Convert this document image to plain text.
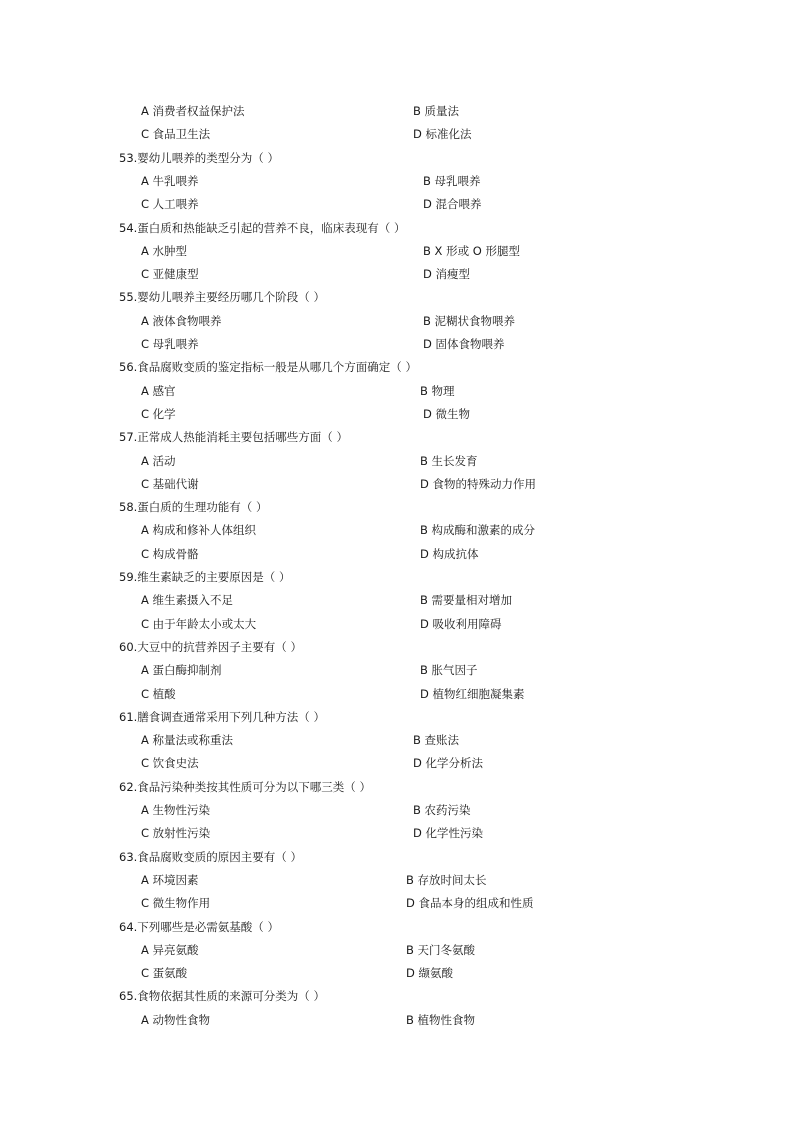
A 消费者权益保护法	B 质量法
C 食品卫生法	D 标准化法
53.婴幼儿喂养的类型分为（ ）
A 牛乳喂养	B 母乳喂养
C 人工喂养	D 混合喂养
54.蛋白质和热能缺乏引起的营养不良，临床表现有（ ）
A 水肿型	B X 形或 O 形腿型
C 亚健康型	D 消瘦型
55.婴幼儿喂养主要经历哪几个阶段（ ）
A 液体食物喂养	B 泥糊状食物喂养
C 母乳喂养	D 固体食物喂养
56.食品腐败变质的鉴定指标一般是从哪几个方面确定（ ）
A 感官	B 物理
C 化学	D 微生物
57.正常成人热能消耗主要包括哪些方面（ ）
A 活动	B 生长发育
C 基础代谢	D 食物的特殊动力作用
58.蛋白质的生理功能有（ ）
A 构成和修补人体组织	B 构成酶和激素的成分
C 构成骨骼	D 构成抗体
59.维生素缺乏的主要原因是（ ）
A 维生素摄入不足	B 需要量相对增加
C 由于年龄太小或太大	D 吸收利用障碍
60.大豆中的抗营养因子主要有（ ）
A 蛋白酶抑制剂	B 胀气因子
C 植酸	D 植物红细胞凝集素
61.膳食调查通常采用下列几种方法（ ）
A 称量法或称重法	B 查账法
C 饮食史法	D 化学分析法
62.食品污染种类按其性质可分为以下哪三类（ ）
A 生物性污染	B 农药污染
C 放射性污染	D 化学性污染
63.食品腐败变质的原因主要有（ ）
A 环境因素	B 存放时间太长
C 微生物作用	D 食品本身的组成和性质
64.下列哪些是必需氨基酸（ ）
A 异亮氨酸	B 天门冬氨酸
C 蛋氨酸	D 缬氨酸
65.食物依据其性质的来源可分类为（ ）
A 动物性食物	B 植物性食物
